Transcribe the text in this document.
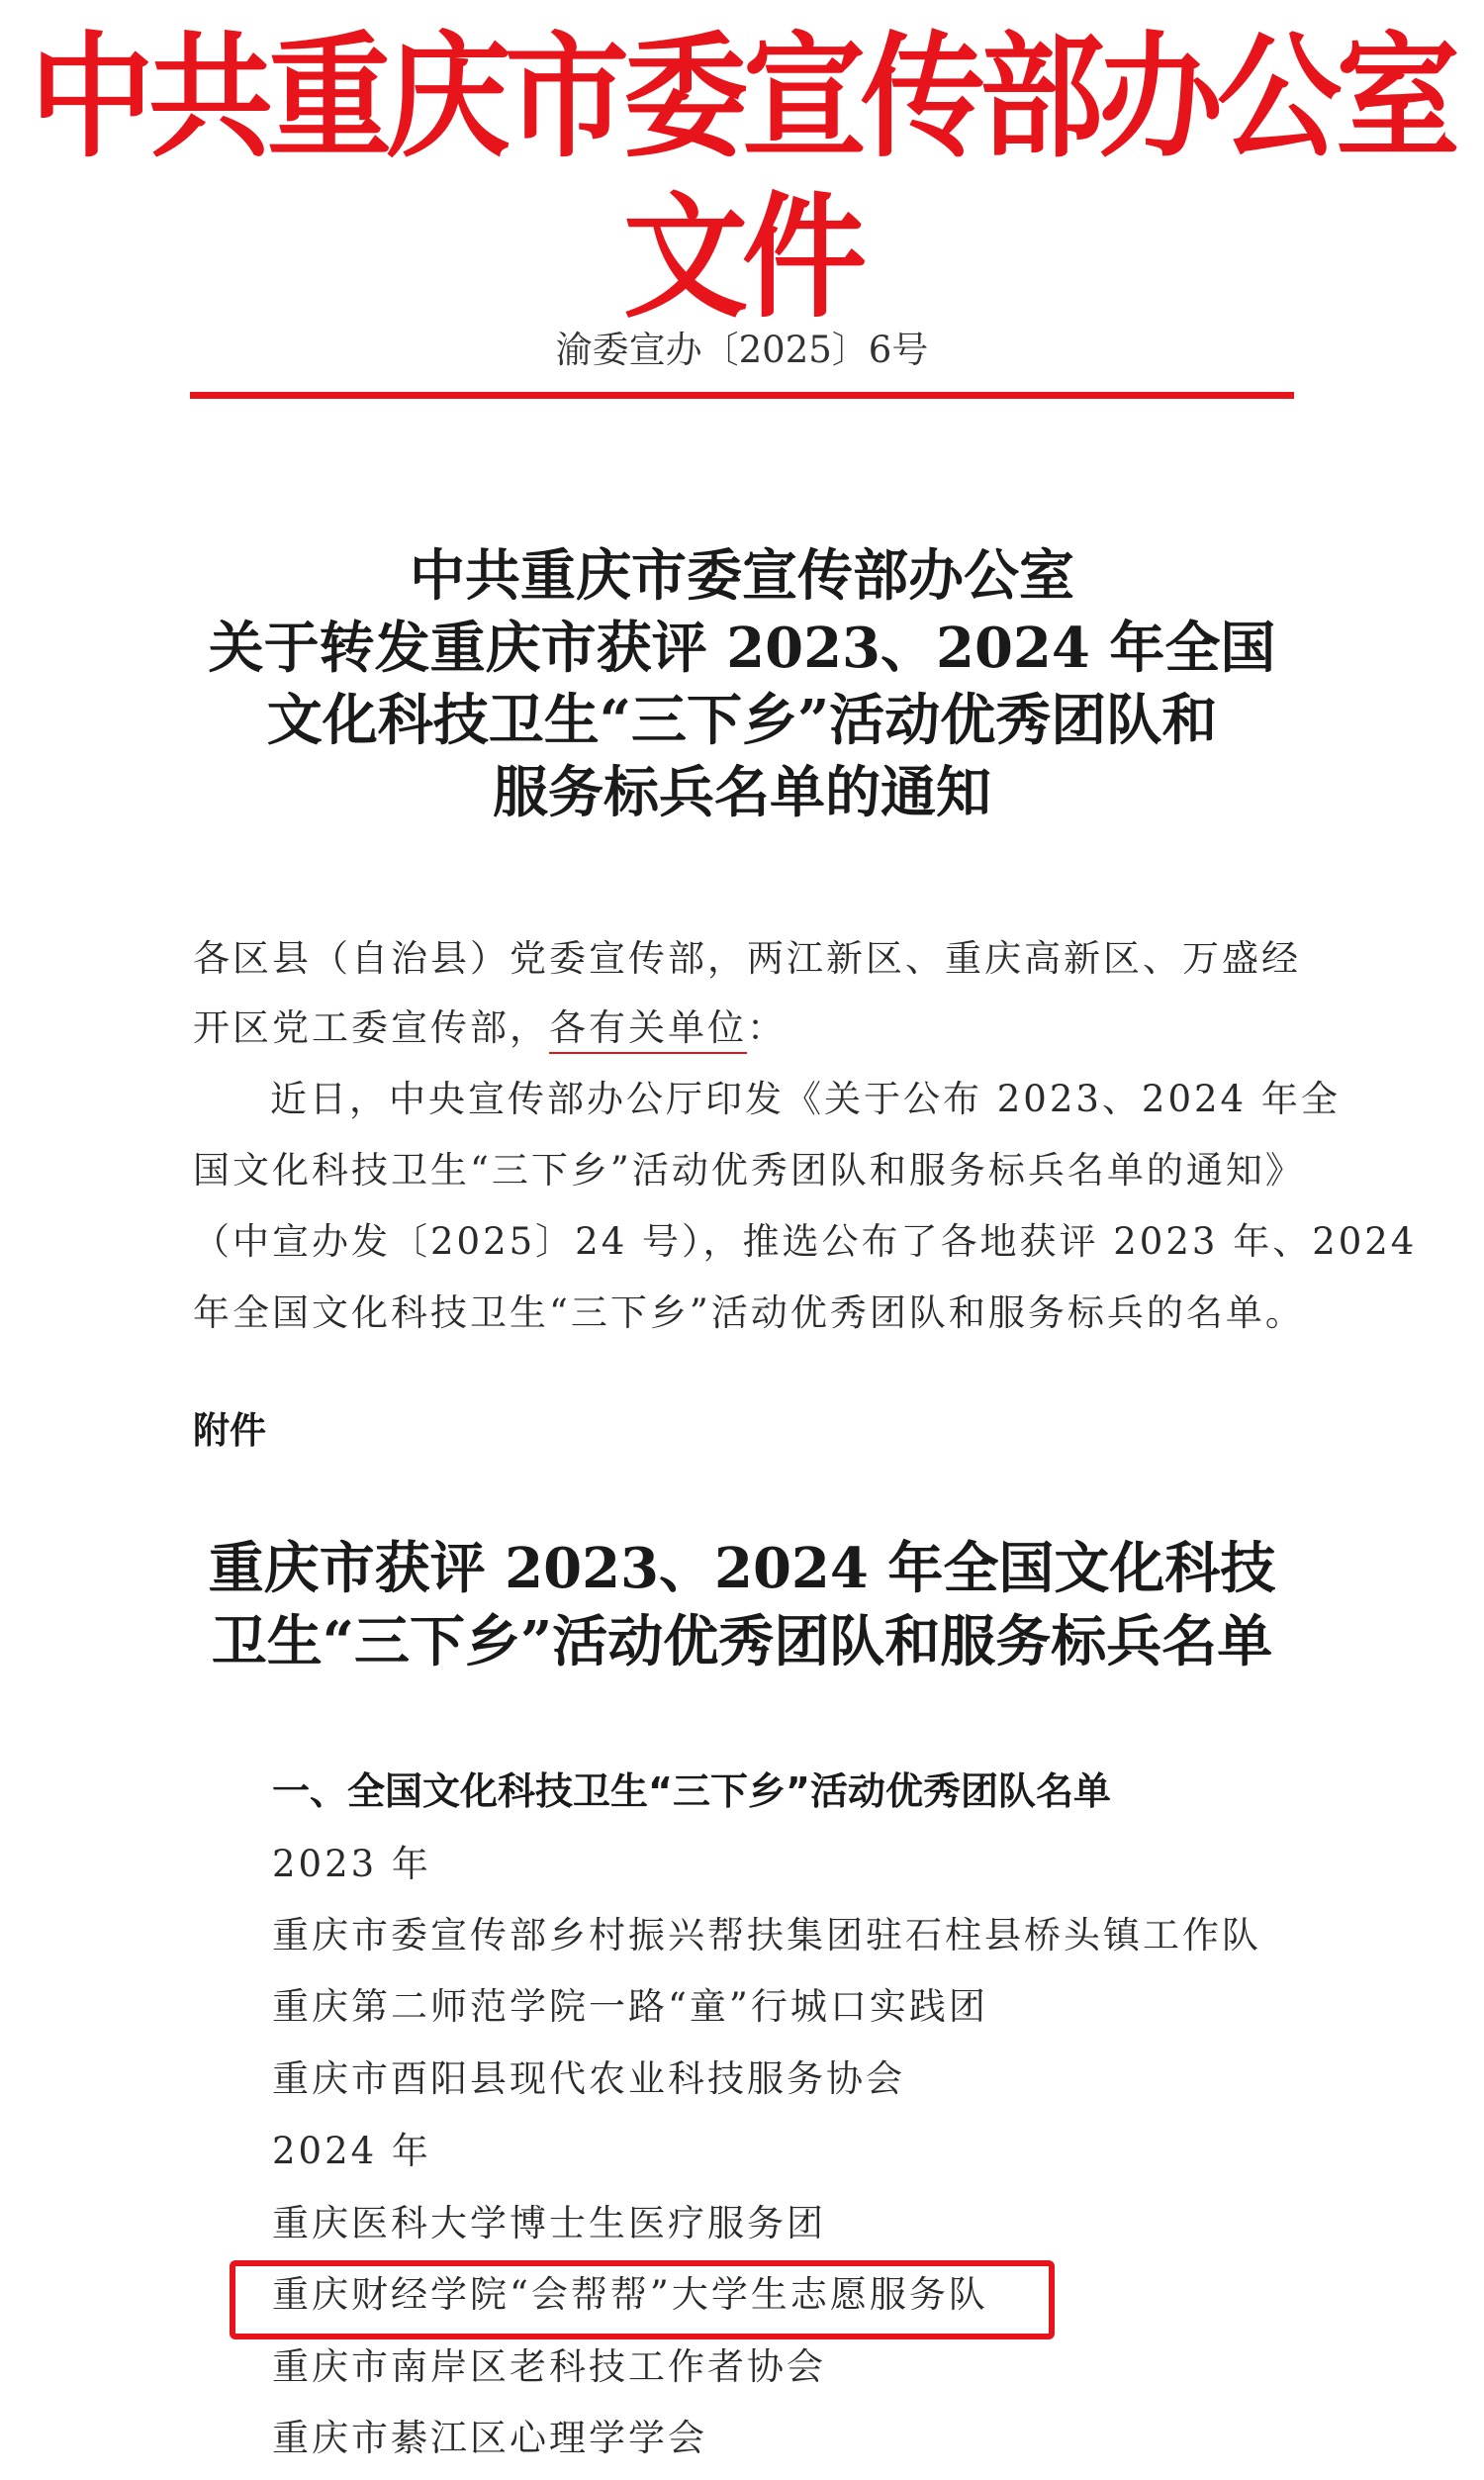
中共重庆市委宣传部办公室文件
渝委宣办〔2025〕6号
中共重庆市委宣传部办公室
关于转发重庆市获评 2023、2024 年全国
文化科技卫生“三下乡”活动优秀团队和
服务标兵名单的通知
各区县（自治县）党委宣传部，两江新区、重庆高新区、万盛经
开区党工委宣传部，各有关单位：
近日，中央宣传部办公厅印发《关于公布 2023、2024 年全
国文化科技卫生“三下乡”活动优秀团队和服务标兵名单的通知》
（中宣办发〔2025〕24 号），推选公布了各地获评 2023 年、2024
年全国文化科技卫生“三下乡”活动优秀团队和服务标兵的名单。
附件
重庆市获评 2023、2024 年全国文化科技
卫生“三下乡”活动优秀团队和服务标兵名单
一、全国文化科技卫生“三下乡”活动优秀团队名单
2023 年
重庆市委宣传部乡村振兴帮扶集团驻石柱县桥头镇工作队
重庆第二师范学院一路“童”行城口实践团
重庆市酉阳县现代农业科技服务协会
2024 年
重庆医科大学博士生医疗服务团
重庆财经学院“会帮帮”大学生志愿服务队
重庆市南岸区老科技工作者协会
重庆市綦江区心理学学会
